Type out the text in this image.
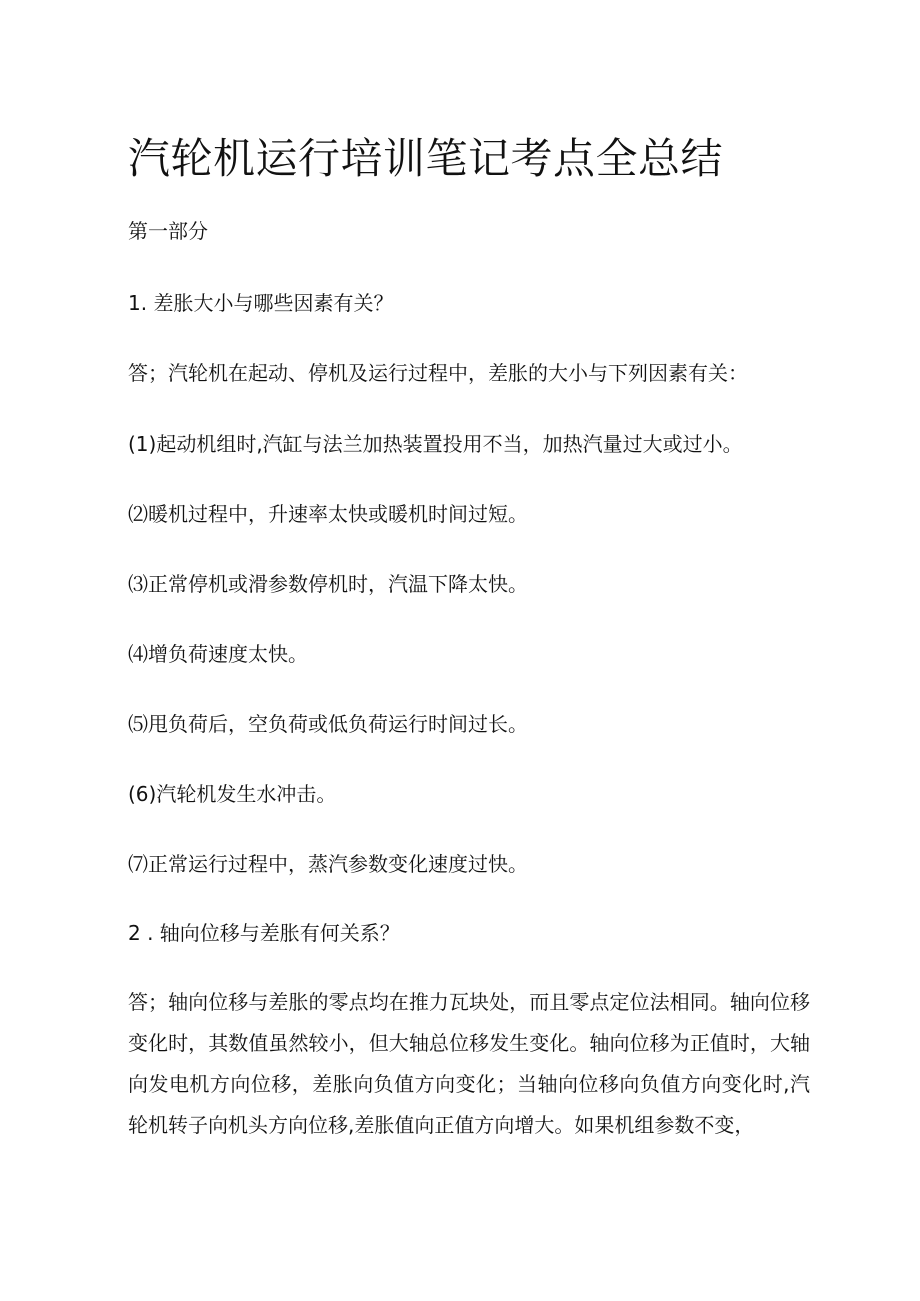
汽轮机运行培训笔记考点全总结
第一部分
1. 差胀大小与哪些因素有关？
答；汽轮机在起动、停机及运行过程中，差胀的大小与下列因素有关：
(1)起动机组时,汽缸与法兰加热装置投用不当，加热汽量过大或过小。
⑵暖机过程中，升速率太快或暖机时间过短。
⑶正常停机或滑参数停机时，汽温下降太快。
⑷增负荷速度太快。
⑸甩负荷后，空负荷或低负荷运行时间过长。
(6)汽轮机发生水冲击。
⑺正常运行过程中，蒸汽参数变化速度过快。
2 . 轴向位移与差胀有何关系？
答；轴向位移与差胀的零点均在推力瓦块处，而且零点定位法相同。轴向位移变化时，其数值虽然较小，但大轴总位移发生变化。轴向位移为正值时，大轴向发电机方向位移，差胀向负值方向变化；当轴向位移向负值方向变化时,汽轮机转子向机头方向位移,差胀值向正值方向增大。如果机组参数不变，
